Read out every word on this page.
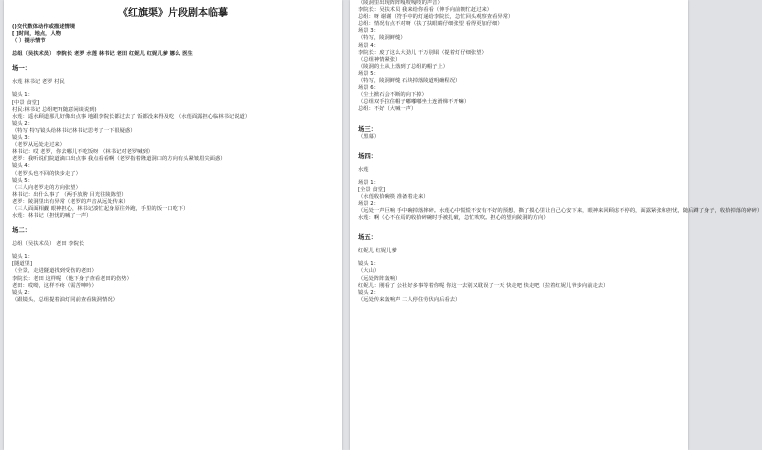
《红旗渠》片段剧本临摹
()交代数体动作或描述情境
[ ]时间，地点，人物
（ ）提示情节
总组（吴扶术员） 李院长 老罗 水莲 林书记 老田 红妮儿 红妮儿爹 娜么 医生
场一：
水莲 林书记 老罗 村民
镜头 1：
[中景 食堂]
村民:林书记 总组吧?(随意闲谈说到)
水莲：遥水顾道那儿好像出点事 地跟李院长都过去了 饭都没来得及吃 （水莲面露担心临林书记说道）
镜头 2：
（特写 特写镜头给林书记林书记思考了一下很疑惑）
镜头 3：
（老罗从远处走过来）
林书记：哎 老罗，你去哪儿不吃饭呀 （林书记对老罗喊到）
老罗：我听说们院道滴口出点事 我点看看啊（老罗指着隆道洞口的方向有头紧皱眉尖面惑）
镜头 4：
（老罗头也不回的快步走了）
镜头 5：
（三人向老罗走的方向张望）
林书记：出什么事了 （两手放胯 目光往陵陈望）
老罗：陵洞里出有异常（老罗的声音从远处传来）
（三人面面相觑 眼神担心，林书记凑忙起身原往外跑，手里的饭一口吃下）
水莲：林书记（担忧的喊了一声）
场二：
总组（吴扶术员） 老田 李院长
镜头 1：
[隧道里]
（全景，走进隧道找到受伤的老田）
李院长：老田 这样呢 （他下身子查看老田的伤势）
老田：哎呦，这样不疼（需苦呻吟）
镜头 2：
（跟镜头，总组提着油灯同前查看陵洞情况）
（陵洞里出现阵阵嘎吱嘎吱的声音）
李院长：吴扶术员 我来给你看看（伸手向前朝忙赶过来）
总组：呀 谢谢（符手中的灯递给李院长，急忙回头观察查看异常）
总组：情况有点不对呀（扶了扶眼睛仔细张望 看得更加仔细）
场景 3：
（特写，陵洞鲜缝）
场景 4：
李院长：废了这么大劲儿 干万别塌（提着灯仔细张望）
（总组神情紧张）
（陵洞的土从上落到了总组的帽子上）
场景 5：
（特写，陵洞鲜缝 石块掉落陵道明确程况）
场景 6：
（尘土掀石会不断的向下掉）
（总组双手拉住帽子嘟嘟嘟坐土连滑梯不开嘛）
总组：不好（大喊一声）
场三：
（黑幕）
场四：
水莲
场景 1：
[全景 食堂]
（水莲收拾碗筷 准备着走来）
场景 2：
（远处一声巨响 手中碗掉落摔碎。水莲心中慌慌不安有不好的预想，撕了摸心里让自己心安下来，眼神来回顾虑不停的，面露紧张和担忧，随后蹲了身子，收拾掉落的碎碎）
水莲：啊（心不在焉的收拾碎碗时手被扎破，急忙吹吹。担心的望向陵洞的方向）
场五：
红妮儿 红妮儿爹
镜头 1：
（大山）
（远处阵阵轰响）
红妮儿：刚看了 公社好多事等着你呢 你这一去别又耽误了一天 快走吧 快走吧（拉着红妮儿爷步向前走去）
镜头 2：
（远处传来轰响声 二人停住劳伏向后看去）
